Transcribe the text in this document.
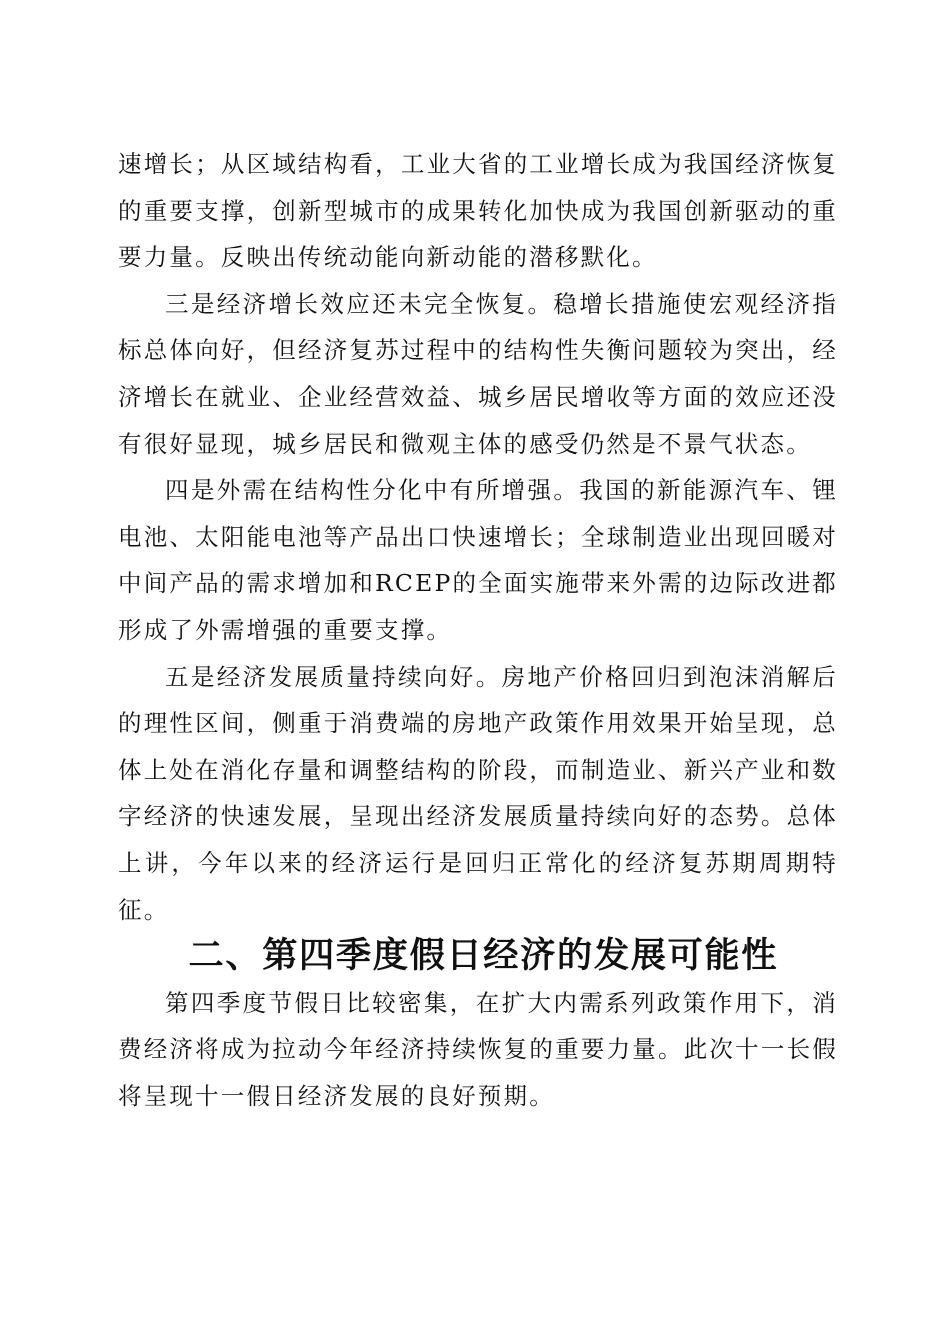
速增长；从区域结构看，工业大省的工业增长成为我国经济恢复的重要支撑，创新型城市的成果转化加快成为我国创新驱动的重要力量。反映出传统动能向新动能的潜移默化。

三是经济增长效应还未完全恢复。稳增长措施使宏观经济指标总体向好，但经济复苏过程中的结构性失衡问题较为突出，经济增长在就业、企业经营效益、城乡居民增收等方面的效应还没有很好显现，城乡居民和微观主体的感受仍然是不景气状态。

四是外需在结构性分化中有所增强。我国的新能源汽车、锂电池、太阳能电池等产品出口快速增长；全球制造业出现回暖对中间产品的需求增加和RCEP的全面实施带来外需的边际改进都形成了外需增强的重要支撑。

五是经济发展质量持续向好。房地产价格回归到泡沫消解后的理性区间，侧重于消费端的房地产政策作用效果开始呈现，总体上处在消化存量和调整结构的阶段，而制造业、新兴产业和数字经济的快速发展，呈现出经济发展质量持续向好的态势。总体上讲，今年以来的经济运行是回归正常化的经济复苏期周期特征。

二、第四季度假日经济的发展可能性

第四季度节假日比较密集，在扩大内需系列政策作用下，消费经济将成为拉动今年经济持续恢复的重要力量。此次十一长假将呈现十一假日经济发展的良好预期。
